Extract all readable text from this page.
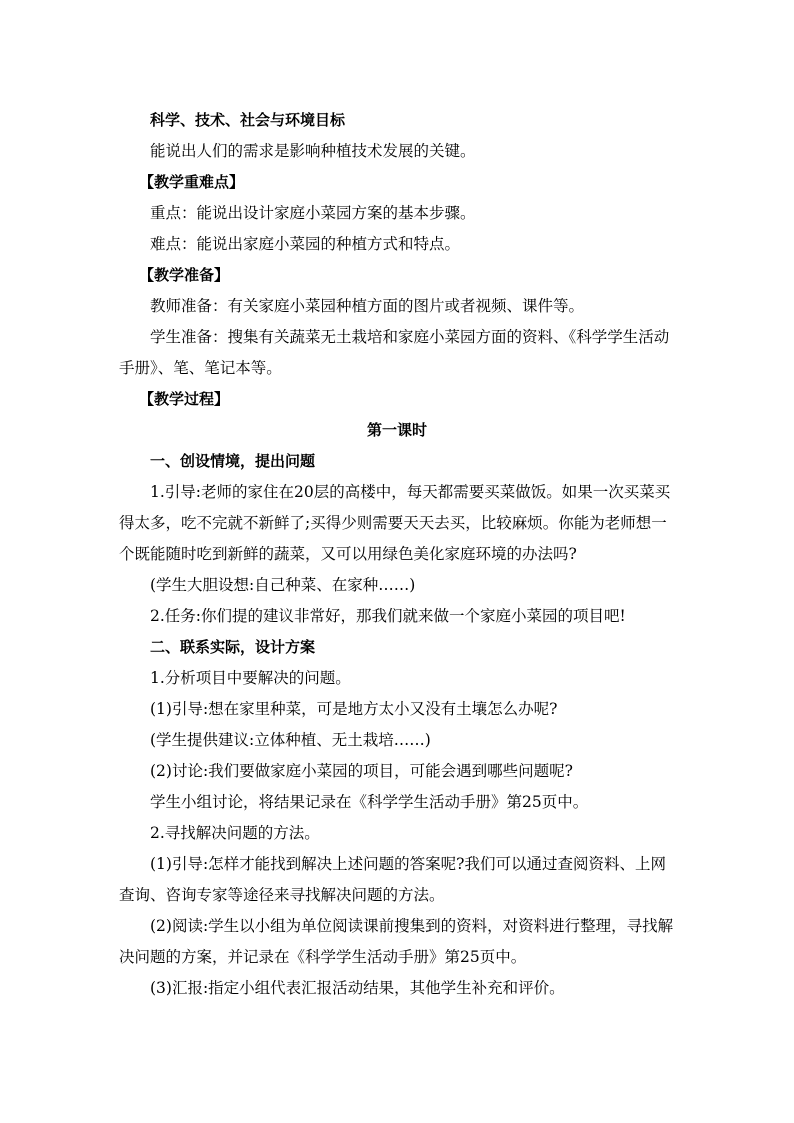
科学、技术、社会与环境目标

能说出人们的需求是影响种植技术发展的关键。

【教学重难点】

重点：能说出设计家庭小菜园方案的基本步骤。

难点：能说出家庭小菜园的种植方式和特点。

【教学准备】

教师准备：有关家庭小菜园种植方面的图片或者视频、课件等。

学生准备：搜集有关蔬菜无土栽培和家庭小菜园方面的资料、《科学学生活动手册》、笔、笔记本等。

【教学过程】

第一课时

一、创设情境，提出问题

1.引导:老师的家住在20层的高楼中，每天都需要买菜做饭。如果一次买菜买得太多，吃不完就不新鲜了;买得少则需要天天去买，比较麻烦。你能为老师想一个既能随时吃到新鲜的蔬菜，又可以用绿色美化家庭环境的办法吗?

(学生大胆设想:自己种菜、在家种……)

2.任务:你们提的建议非常好，那我们就来做一个家庭小菜园的项目吧!

二、联系实际，设计方案

1.分析项目中要解决的问题。

(1)引导:想在家里种菜，可是地方太小又没有土壤怎么办呢?

(学生提供建议:立体种植、无土栽培……)

(2)讨论:我们要做家庭小菜园的项目，可能会遇到哪些问题呢?

学生小组讨论，将结果记录在《科学学生活动手册》第25页中。

2.寻找解决问题的方法。

(1)引导:怎样才能找到解决上述问题的答案呢?我们可以通过查阅资料、上网查询、咨询专家等途径来寻找解决问题的方法。

(2)阅读:学生以小组为单位阅读课前搜集到的资料，对资料进行整理，寻找解决问题的方案，并记录在《科学学生活动手册》第25页中。

(3)汇报:指定小组代表汇报活动结果，其他学生补充和评价。
